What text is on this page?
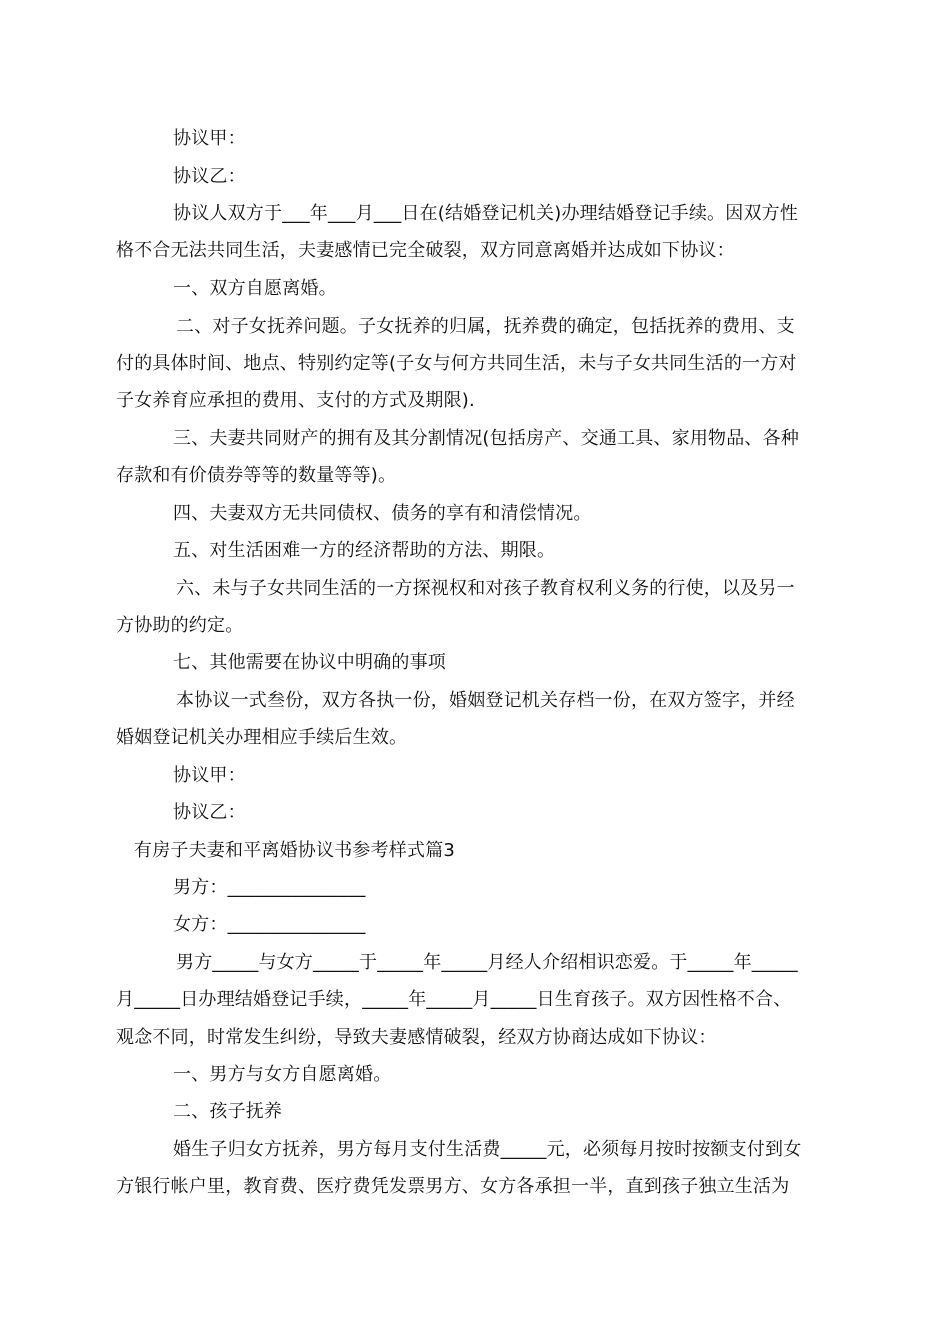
协议甲：
协议乙：
协议人双方于___年___月___日在(结婚登记机关)办理结婚登记手续。因双方性
格不合无法共同生活，夫妻感情已完全破裂，双方同意离婚并达成如下协议：
一、双方自愿离婚。
二、对子女抚养问题。子女抚养的归属，抚养费的确定，包括抚养的费用、支
付的具体时间、地点、特别约定等(子女与何方共同生活，未与子女共同生活的一方对
子女养育应承担的费用、支付的方式及期限).
三、夫妻共同财产的拥有及其分割情况(包括房产、交通工具、家用物品、各种
存款和有价债券等等的数量等等)。
四、夫妻双方无共同债权、债务的享有和清偿情况。
五、对生活困难一方的经济帮助的方法、期限。
六、未与子女共同生活的一方探视权和对孩子教育权利义务的行使，以及另一
方协助的约定。
七、其他需要在协议中明确的事项
本协议一式叁份，双方各执一份，婚姻登记机关存档一份，在双方签字，并经
婚姻登记机关办理相应手续后生效。
协议甲：
协议乙：
有房子夫妻和平离婚协议书参考样式篇3
男方：_______________
女方：_______________
男方_____与女方_____于_____年_____月经人介绍相识恋爱。于_____年_____
月_____日办理结婚登记手续，_____年_____月_____日生育孩子。双方因性格不合、
观念不同，时常发生纠纷，导致夫妻感情破裂，经双方协商达成如下协议：
一、男方与女方自愿离婚。
二、孩子抚养
婚生子归女方抚养，男方每月支付生活费_____元，必须每月按时按额支付到女
方银行帐户里，教育费、医疗费凭发票男方、女方各承担一半，直到孩子独立生活为
